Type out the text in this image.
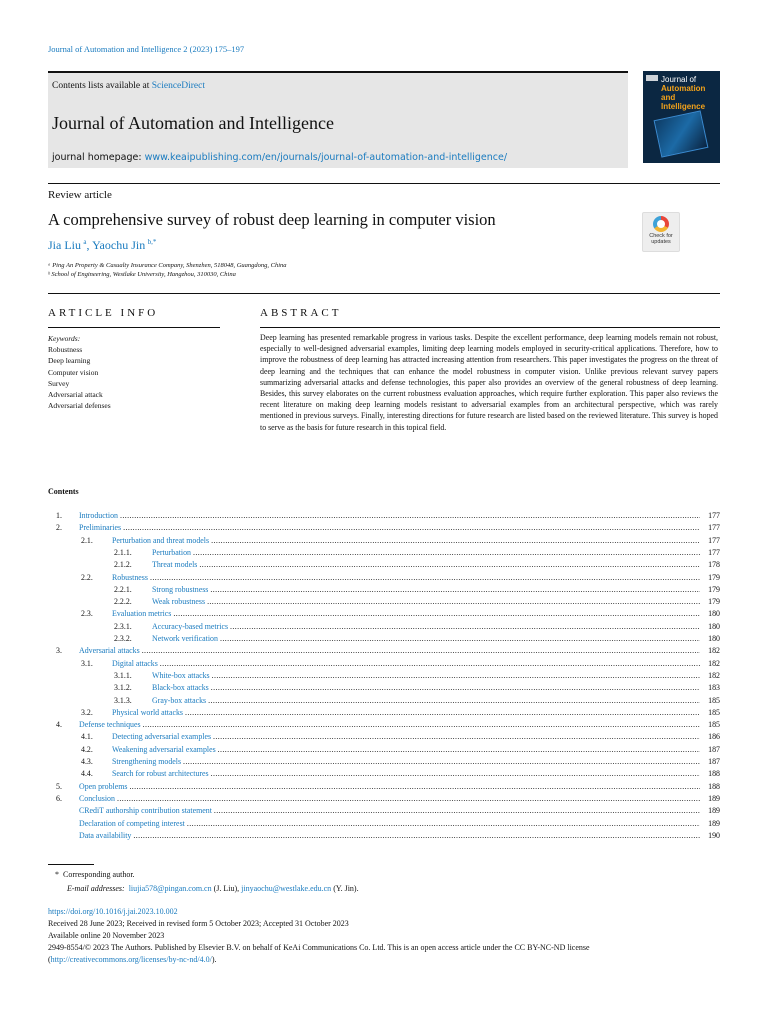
Journal of Automation and Intelligence 2 (2023) 175–197
Contents lists available at ScienceDirect
Journal of Automation and Intelligence
journal homepage: www.keaipublishing.com/en/journals/journal-of-automation-and-intelligence/
Journal of
Automation
and Intelligence
Review article
A comprehensive survey of robust deep learning in computer vision
Jia Liu  $^a$, Yaochu Jin  $^{b,*}$
Check for
updates
ᵃ Ping An Property & Casualty Insurance Company, Shenzhen, 518048, Guangdong, China
ᵇ School of Engineering, Westlake University, Hangzhou, 310030, China
ARTICLE INFO	ABSTRACT
Keywords:
Robustness
Deep learning
Computer vision
Survey
Adversarial attack
Adversarial defenses
Deep learning has presented remarkable progress in various tasks. Despite the excellent performance, deep learning models remain not robust, especially to well-designed adversarial examples, limiting deep learning models employed in security-critical applications. Therefore, how to improve the robustness of deep learning has attracted increasing attention from researchers. This paper investigates the progress on the threat of deep learning and the techniques that can enhance the model robustness in computer vision. Unlike previous relevant survey papers summarizing adversarial attacks and defense technologies, this paper also provides an overview of the general robustness of deep learning. Besides, this survey elaborates on the current robustness evaluation approaches, which require further exploration. This paper also reviews the recent literature on making deep learning models resistant to adversarial examples from an architectural perspective, which was rarely mentioned in previous surveys. Finally, interesting directions for future research are listed based on the reviewed literature. This survey is hoped to serve as the basis for future research in this topical field.
Contents
1. Introduction .....	177
2. Preliminaries .....	177
2.1. Perturbation and threat models .....	177
2.1.1.	Perturbation .....	177
2.1.2.	Threat models .....	178
2.2. Robustness .....	179
2.2.1.	Strong robustness .....	179
2.2.2.	Weak robustness .....	179
2.3. Evaluation metrics .....	180
2.3.1.	Accuracy-based metrics .....	180
2.3.2.	Network verification .....	180
3. Adversarial attacks .....	182
3.1. Digital attacks .....	182
3.1.1.	White-box attacks .....	182
3.1.2.	Black-box attacks .....	183
3.1.3.	Gray-box attacks .....	185
3.2. Physical world attacks .....	185
4. Defense techniques .....	185
4.1. Detecting adversarial examples .....	186
4.2. Weakening adversarial examples .....	187
4.3. Strengthening models .....	187
4.4. Search for robust architectures .....	188
5. Open problems .....	188
6. Conclusion .....	189
CRediT authorship contribution statement .....	189
Declaration of competing interest .....	189
Data availability .....	190
* Corresponding author.
E-mail addresses: liujia578@pingan.com.cn (J. Liu), jinyaochu@westlake.edu.cn (Y. Jin).
https://doi.org/10.1016/j.jai.2023.10.002
Received 28 June 2023; Received in revised form 5 October 2023; Accepted 31 October 2023
Available online 20 November 2023
2949-8554/© 2023 The Authors. Published by Elsevier B.V. on behalf of KeAi Communications Co. Ltd. This is an open access article under the CC BY-NC-ND license (http://creativecommons.org/licenses/by-nc-nd/4.0/).
